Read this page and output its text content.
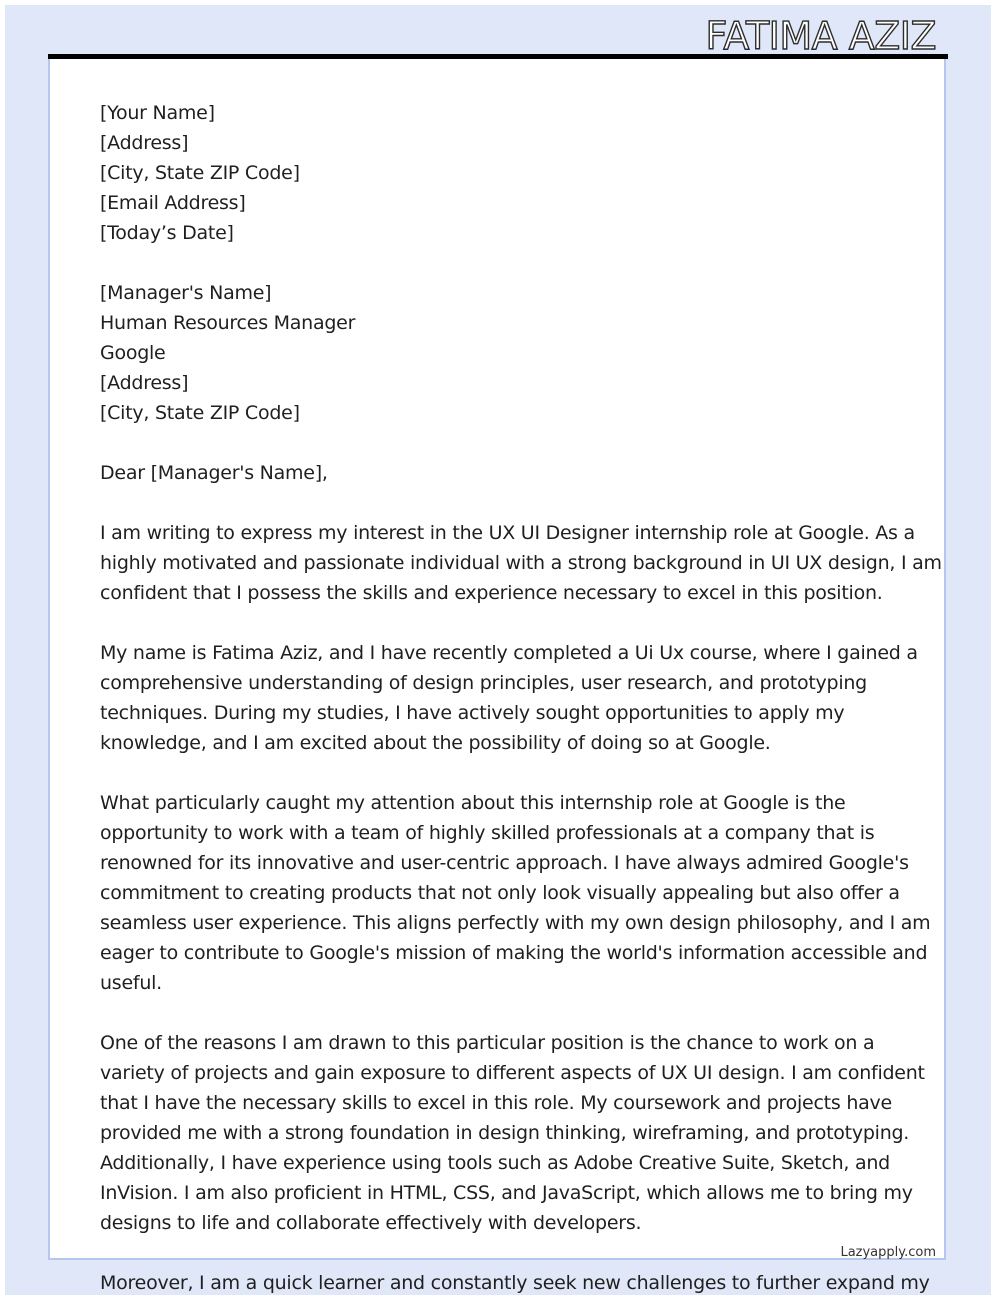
FATIMA AZIZ
[Your Name]
[Address]
[City, State ZIP Code]
[Email Address]
[Today’s Date]
[Manager's Name]
Human Resources Manager
Google
[Address]
[City, State ZIP Code]
Dear [Manager's Name],
I am writing to express my interest in the UX UI Designer internship role at Google. As a
highly motivated and passionate individual with a strong background in UI UX design, I am
confident that I possess the skills and experience necessary to excel in this position.
My name is Fatima Aziz, and I have recently completed a Ui Ux course, where I gained a
comprehensive understanding of design principles, user research, and prototyping
techniques. During my studies, I have actively sought opportunities to apply my
knowledge, and I am excited about the possibility of doing so at Google.
What particularly caught my attention about this internship role at Google is the
opportunity to work with a team of highly skilled professionals at a company that is
renowned for its innovative and user-centric approach. I have always admired Google's
commitment to creating products that not only look visually appealing but also offer a
seamless user experience. This aligns perfectly with my own design philosophy, and I am
eager to contribute to Google's mission of making the world's information accessible and
useful.
One of the reasons I am drawn to this particular position is the chance to work on a
variety of projects and gain exposure to different aspects of UX UI design. I am confident
that I have the necessary skills to excel in this role. My coursework and projects have
provided me with a strong foundation in design thinking, wireframing, and prototyping.
Additionally, I have experience using tools such as Adobe Creative Suite, Sketch, and
InVision. I am also proficient in HTML, CSS, and JavaScript, which allows me to bring my
designs to life and collaborate effectively with developers.
Moreover, I am a quick learner and constantly seek new challenges to further expand my
Lazyapply.com
